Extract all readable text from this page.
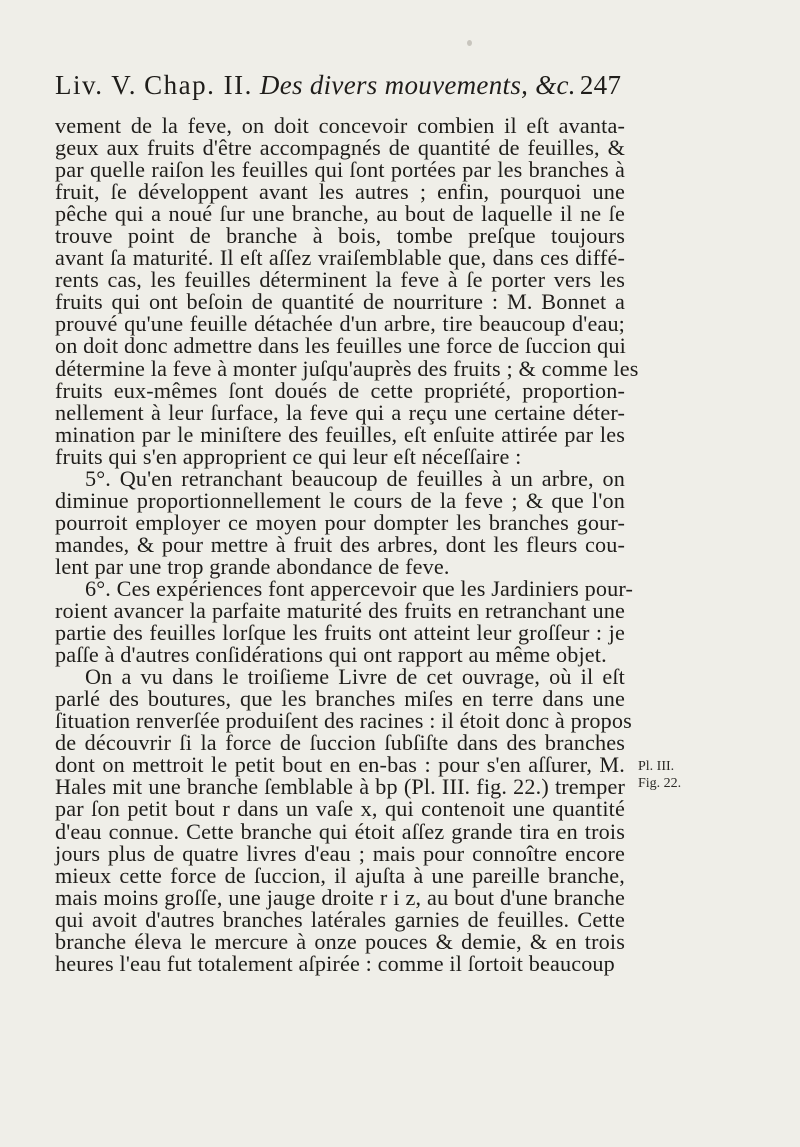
Liv. V. Chap. II. Des divers mouvements, &c. 247
vement de la feve, on doit concevoir combien il eſt avanta-
geux aux fruits d'être accompagnés de quantité de feuilles, &
par quelle raiſon les feuilles qui ſont portées par les branches à
fruit, ſe développent avant les autres ; enfin, pourquoi une
pêche qui a noué ſur une branche, au bout de laquelle il ne ſe
trouve point de branche à bois, tombe preſque toujours
avant ſa maturité. Il eſt aſſez vraiſemblable que, dans ces diffé-
rents cas, les feuilles déterminent la feve à ſe porter vers les
fruits qui ont beſoin de quantité de nourriture : M. Bonnet a
prouvé qu'une feuille détachée d'un arbre, tire beaucoup d'eau;
on doit donc admettre dans les feuilles une force de ſuccion qui
détermine la feve à monter juſqu'auprès des fruits ; & comme les
fruits eux-mêmes ſont doués de cette propriété, proportion-
nellement à leur ſurface, la feve qui a reçu une certaine déter-
mination par le miniſtere des feuilles, eſt enſuite attirée par les
fruits qui s'en approprient ce qui leur eſt néceſſaire :
5°. Qu'en retranchant beaucoup de feuilles à un arbre, on
diminue proportionnellement le cours de la feve ; & que l'on
pourroit employer ce moyen pour dompter les branches gour-
mandes, & pour mettre à fruit des arbres, dont les fleurs cou-
lent par une trop grande abondance de feve.
6°. Ces expériences font appercevoir que les Jardiniers pour-
roient avancer la parfaite maturité des fruits en retranchant une
partie des feuilles lorſque les fruits ont atteint leur groſſeur : je
paſſe à d'autres conſidérations qui ont rapport au même objet.
On a vu dans le troiſieme Livre de cet ouvrage, où il eſt
parlé des boutures, que les branches miſes en terre dans une
ſituation renverſée produiſent des racines : il étoit donc à propos
de découvrir ſi la force de ſuccion ſubſiſte dans des branches
dont on mettroit le petit bout en en-bas : pour s'en aſſurer, M.
Hales mit une branche ſemblable à bp (Pl. III. fig. 22.) tremper
par ſon petit bout r dans un vaſe x, qui contenoit une quantité
d'eau connue. Cette branche qui étoit aſſez grande tira en trois
jours plus de quatre livres d'eau ; mais pour connoître encore
mieux cette force de ſuccion, il ajuſta à une pareille branche,
mais moins groſſe, une jauge droite r i z, au bout d'une branche
qui avoit d'autres branches latérales garnies de feuilles. Cette
branche éleva le mercure à onze pouces & demie, & en trois
heures l'eau fut totalement aſpirée : comme il ſortoit beaucoup
Pl. III.
Fig. 22.
